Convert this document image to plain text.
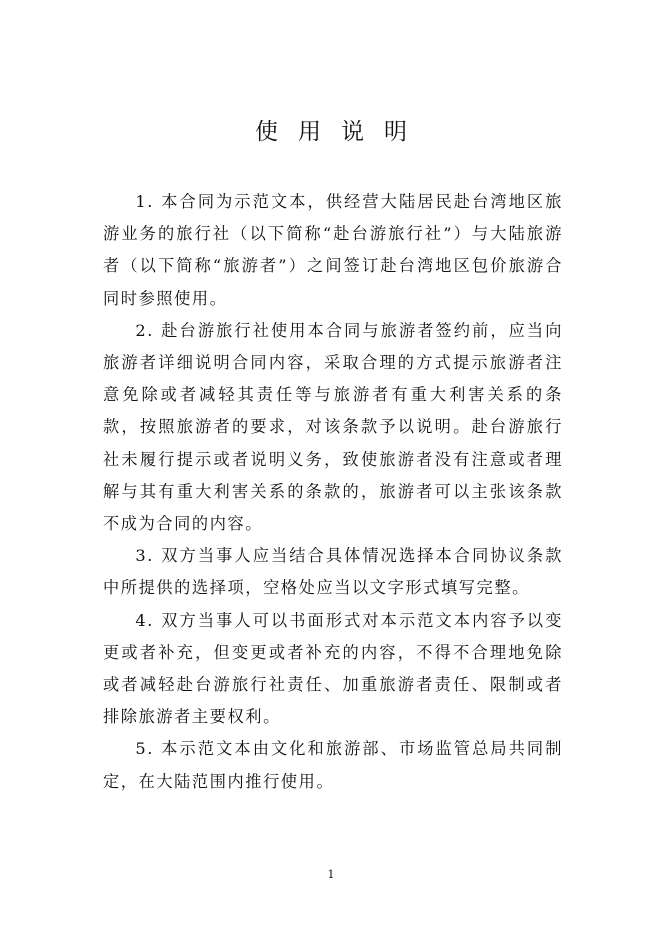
使用说明

1. 本合同为示范文本，供经营大陆居民赴台湾地区旅游业务的旅行社（以下简称“赴台游旅行社”）与大陆旅游者（以下简称“旅游者”）之间签订赴台湾地区包价旅游合同时参照使用。

2. 赴台游旅行社使用本合同与旅游者签约前，应当向旅游者详细说明合同内容，采取合理的方式提示旅游者注意免除或者减轻其责任等与旅游者有重大利害关系的条款，按照旅游者的要求，对该条款予以说明。赴台游旅行社未履行提示或者说明义务，致使旅游者没有注意或者理解与其有重大利害关系的条款的，旅游者可以主张该条款不成为合同的内容。

3. 双方当事人应当结合具体情况选择本合同协议条款中所提供的选择项，空格处应当以文字形式填写完整。

4. 双方当事人可以书面形式对本示范文本内容予以变更或者补充，但变更或者补充的内容，不得不合理地免除或者减轻赴台游旅行社责任、加重旅游者责任、限制或者排除旅游者主要权利。

5. 本示范文本由文化和旅游部、市场监管总局共同制定，在大陆范围内推行使用。

1
